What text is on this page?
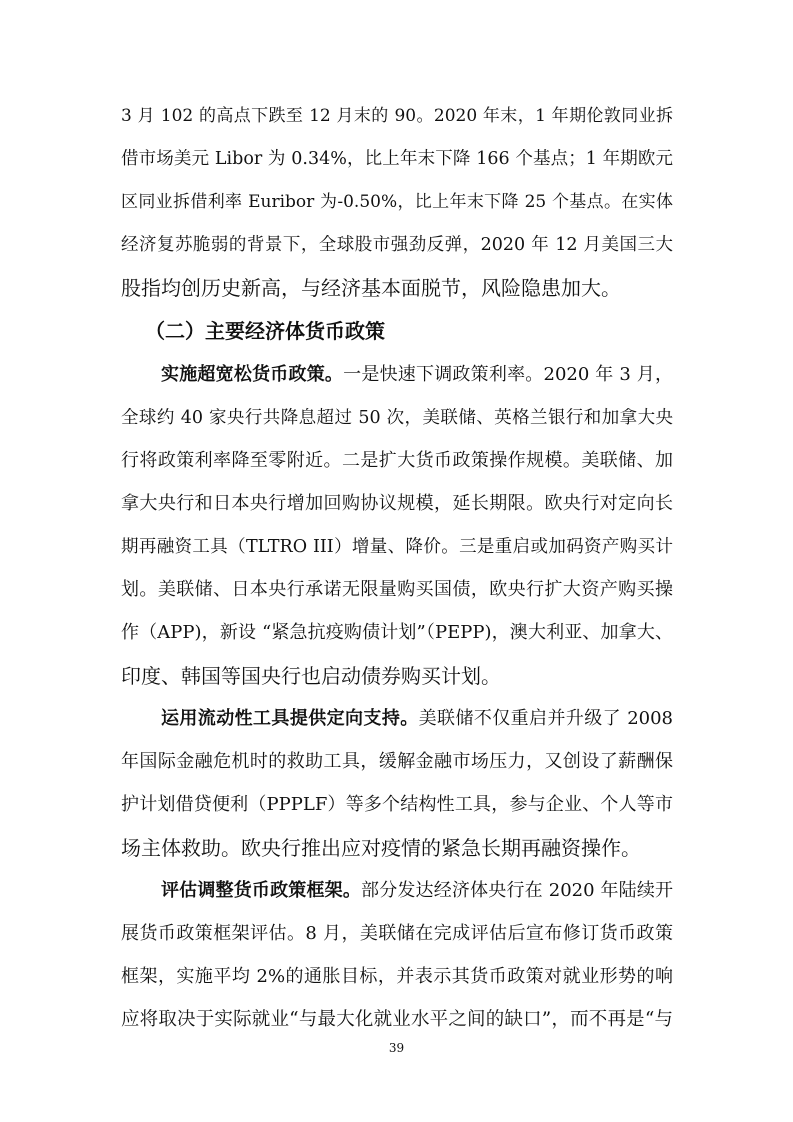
3 月 102 的高点下跌至 12 月末的 90。2020 年末，1 年期伦敦同业拆
借市场美元 Libor 为 0.34%，比上年末下降 166 个基点；1 年期欧元
区同业拆借利率 Euribor 为-0.50%，比上年末下降 25 个基点。在实体
经济复苏脆弱的背景下，全球股市强劲反弹，2020 年 12 月美国三大
股指均创历史新高，与经济基本面脱节，风险隐患加大。
（二）主要经济体货币政策
实施超宽松货币政策。一是快速下调政策利率。2020 年 3 月，
全球约 40 家央行共降息超过 50 次，美联储、英格兰银行和加拿大央
行将政策利率降至零附近。二是扩大货币政策操作规模。美联储、加
拿大央行和日本央行增加回购协议规模，延长期限。欧央行对定向长
期再融资工具（TLTRO III）增量、降价。三是重启或加码资产购买计
划。美联储、日本央行承诺无限量购买国债，欧央行扩大资产购买操
作（APP)，新设 “紧急抗疫购债计划”（PEPP)，澳大利亚、加拿大、
印度、韩国等国央行也启动债券购买计划。
运用流动性工具提供定向支持。美联储不仅重启并升级了 2008
年国际金融危机时的救助工具，缓解金融市场压力，又创设了薪酬保
护计划借贷便利（PPPLF）等多个结构性工具，参与企业、个人等市
场主体救助。欧央行推出应对疫情的紧急长期再融资操作。
评估调整货币政策框架。部分发达经济体央行在 2020 年陆续开
展货币政策框架评估。8 月，美联储在完成评估后宣布修订货币政策
框架，实施平均 2%的通胀目标，并表示其货币政策对就业形势的响
应将取决于实际就业“与最大化就业水平之间的缺口”，而不再是“与
39
